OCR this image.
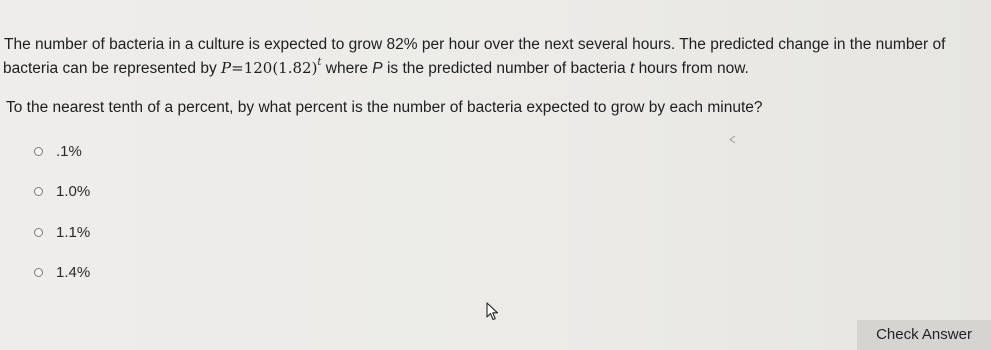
The number of bacteria in a culture is expected to grow 82% per hour over the next several hours. The predicted change in the number of
bacteria can be represented by $P=120(1.82)^t$ where P is the predicted number of bacteria t hours from now.
To the nearest tenth of a percent, by what percent is the number of bacteria expected to grow by each minute?
.1%
1.0%
1.1%
1.4%
Check Answer
